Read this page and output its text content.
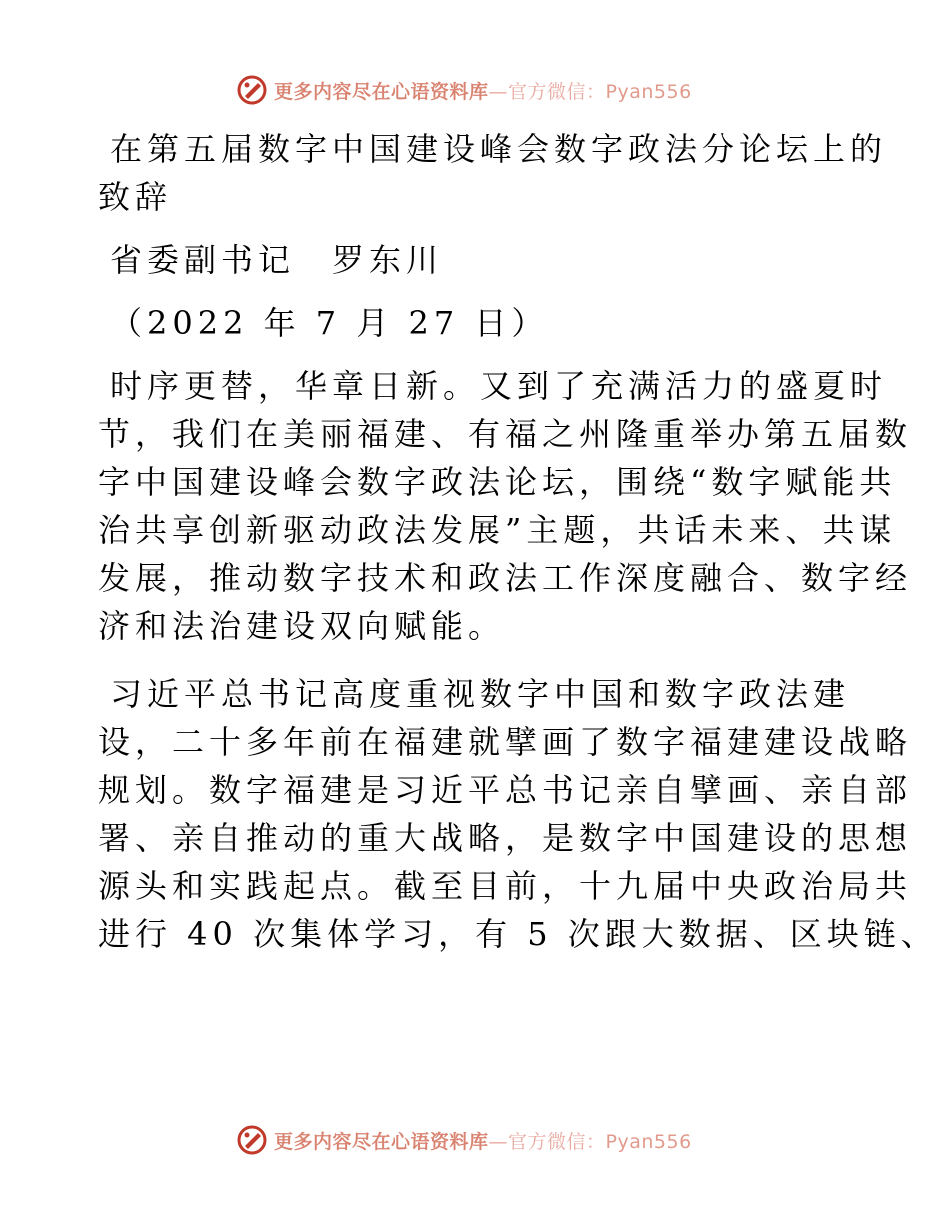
更多内容尽在心语资料库—官方微信：Pyan556
在第五届数字中国建设峰会数字政法分论坛上的
致辞
省委副书记　罗东川
（2022 年 7 月 27 日）
时序更替，华章日新。又到了充满活力的盛夏时
节，我们在美丽福建、有福之州隆重举办第五届数
字中国建设峰会数字政法论坛，围绕“数字赋能共
治共享创新驱动政法发展”主题，共话未来、共谋
发展，推动数字技术和政法工作深度融合、数字经
济和法治建设双向赋能。
习近平总书记高度重视数字中国和数字政法建
设，二十多年前在福建就擘画了数字福建建设战略
规划。数字福建是习近平总书记亲自擘画、亲自部
署、亲自推动的重大战略，是数字中国建设的思想
源头和实践起点。截至目前，十九届中央政治局共
进行 40 次集体学习，有 5 次跟大数据、区块链、
更多内容尽在心语资料库—官方微信：Pyan556
